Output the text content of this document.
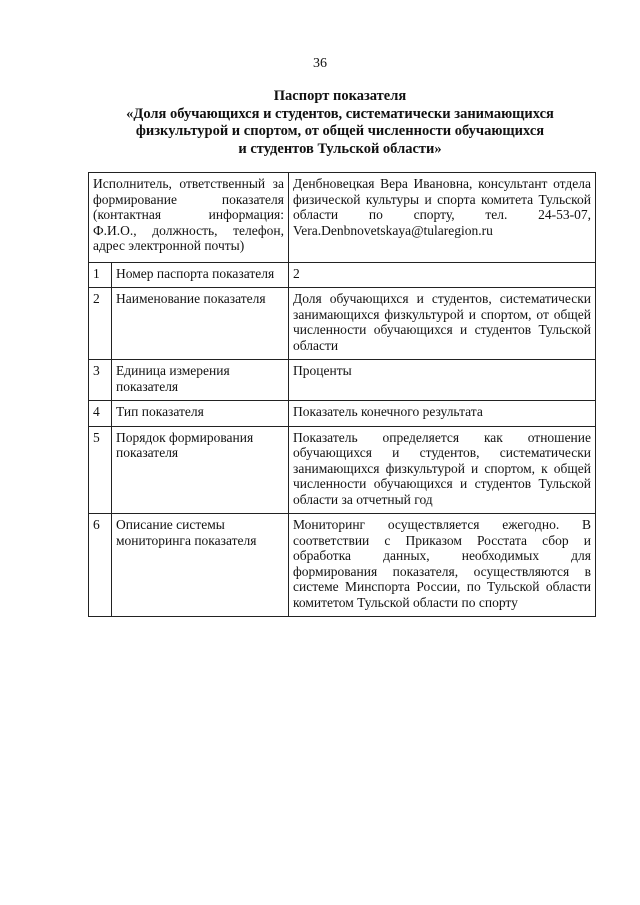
36
Паспорт показателя
«Доля обучающихся и студентов, систематически занимающихся
физкультурой и спортом, от общей численности обучающихся
и студентов Тульской области»
Исполнитель, ответственный за формирование показателя (контактная информация: Ф.И.О., должность, телефон, адрес электронной почты)		Денбновецкая Вера Ивановна, консультант отдела физической культуры и спорта комитета Тульской области по спорту, тел. 24-53-07, Vera.Denbnovetskaya@tularegion.ru
1	Номер паспорта показателя	2
2	Наименование показателя	Доля обучающихся и студентов, систематически занимающихся физкультурой и спортом, от общей численности обучающихся и студентов Тульской области
3	Единица измерения показателя	Проценты
4	Тип показателя	Показатель конечного результата
5	Порядок формирования показателя	Показатель определяется как отношение обучающихся и студентов, систематически занимающихся физкультурой и спортом, к общей численности обучающихся и студентов Тульской области за отчетный год
6	Описание системы мониторинга показателя	Мониторинг осуществляется ежегодно. В соответствии с Приказом Росстата сбор и обработка данных, необходимых для формирования показателя, осуществляются в системе Минспорта России, по Тульской области комитетом Тульской области по спорту
